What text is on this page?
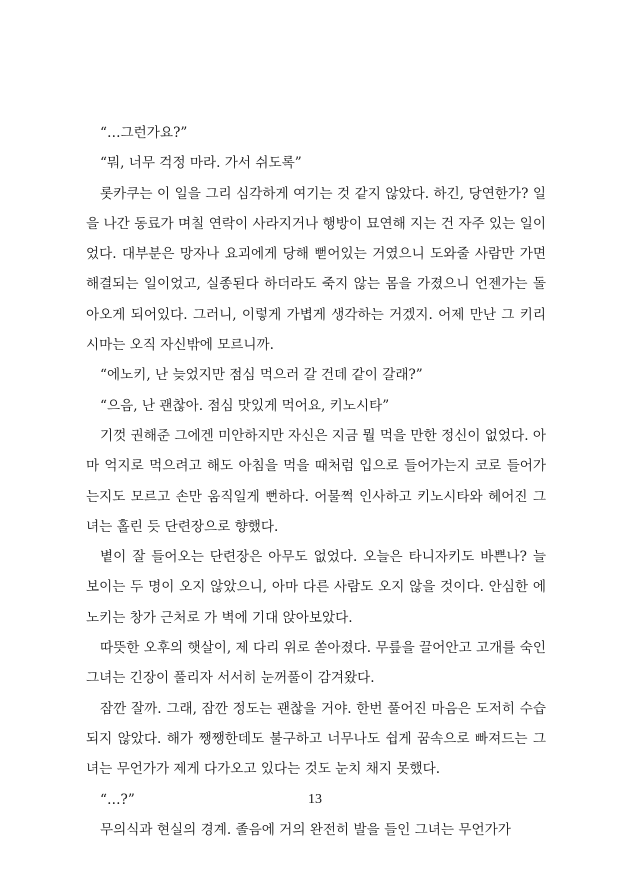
“…그런가요?”

“뭐, 너무 걱정 마라. 가서 쉬도록”

롯카쿠는 이 일을 그리 심각하게 여기는 것 같지 않았다. 하긴, 당연한가? 일을 나간 동료가 며칠 연락이 사라지거나 행방이 묘연해 지는 건 자주 있는 일이었다. 대부분은 망자나 요괴에게 당해 뻗어있는 거였으니 도와줄 사람만 가면 해결되는 일이었고, 실종된다 하더라도 죽지 않는 몸을 가졌으니 언젠가는 돌아오게 되어있다. 그러니, 이렇게 가볍게 생각하는 거겠지. 어제 만난 그 키리시마는 오직 자신밖에 모르니까.

“에노키, 난 늦었지만 점심 먹으러 갈 건데 같이 갈래?”

“으음, 난 괜찮아. 점심 맛있게 먹어요, 키노시타”

기껏 권해준 그에겐 미안하지만 자신은 지금 뭘 먹을 만한 정신이 없었다. 아마 억지로 먹으려고 해도 아침을 먹을 때처럼 입으로 들어가는지 코로 들어가는지도 모르고 손만 움직일게 뻔하다. 어물쩍 인사하고 키노시타와 헤어진 그녀는 홀린 듯 단련장으로 향했다.

볕이 잘 들어오는 단련장은 아무도 없었다. 오늘은 타니자키도 바쁜나? 늘 보이는 두 명이 오지 않았으니, 아마 다른 사람도 오지 않을 것이다. 안심한 에노키는 창가 근처로 가 벽에 기대 앉아보았다.

따뜻한 오후의 햇살이, 제 다리 위로 쏟아졌다. 무릎을 끌어안고 고개를 숙인 그녀는 긴장이 풀리자 서서히 눈꺼풀이 감겨왔다.

잠깐 잘까. 그래, 잠깐 정도는 괜찮을 거야. 한번 풀어진 마음은 도저히 수습되지 않았다. 해가 쨍쨍한데도 불구하고 너무나도 쉽게 꿈속으로 빠져드는 그녀는 무언가가 제게 다가오고 있다는 것도 눈치 채지 못했다.

“…?”

무의식과 현실의 경계. 졸음에 거의 완전히 발을 들인 그녀는 무언가가

13
